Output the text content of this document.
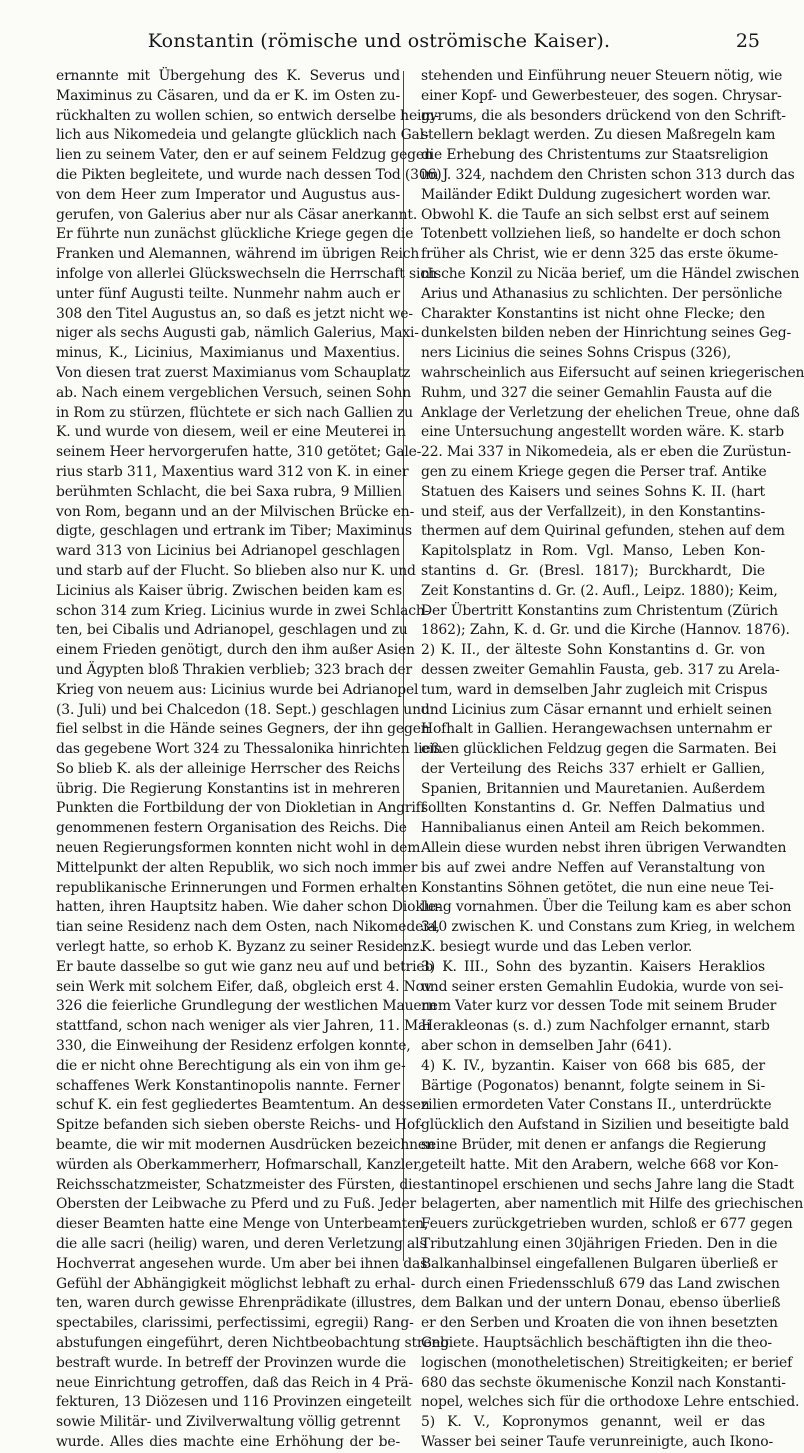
Konstantin (römische und oströmische Kaiser).	25
ernannte mit Übergehung des K. Severus und
Maximinus zu Cäsaren, und da er K. im Osten zu-
rückhalten zu wollen schien, so entwich derselbe heim-
lich aus Nikomedeia und gelangte glücklich nach Gal-
lien zu seinem Vater, den er auf seinem Feldzug gegen
die Pikten begleitete, und wurde nach dessen Tod (306)
von dem Heer zum Imperator und Augustus aus-
gerufen, von Galerius aber nur als Cäsar anerkannt.
Er führte nun zunächst glückliche Kriege gegen die
Franken und Alemannen, während im übrigen Reich
infolge von allerlei Glückswechseln die Herrschaft sich
unter fünf Augusti teilte. Nunmehr nahm auch er
308 den Titel Augustus an, so daß es jetzt nicht we-
niger als sechs Augusti gab, nämlich Galerius, Maxi-
minus, K., Licinius, Maximianus und Maxentius.
Von diesen trat zuerst Maximianus vom Schauplatz
ab. Nach einem vergeblichen Versuch, seinen Sohn
in Rom zu stürzen, flüchtete er sich nach Gallien zu
K. und wurde von diesem, weil er eine Meuterei in
seinem Heer hervorgerufen hatte, 310 getötet; Gale-
rius starb 311, Maxentius ward 312 von K. in einer
berühmten Schlacht, die bei Saxa rubra, 9 Millien
von Rom, begann und an der Milvischen Brücke en-
digte, geschlagen und ertrank im Tiber; Maximinus
ward 313 von Licinius bei Adrianopel geschlagen
und starb auf der Flucht. So blieben also nur K. und
Licinius als Kaiser übrig. Zwischen beiden kam es
schon 314 zum Krieg. Licinius wurde in zwei Schlach-
ten, bei Cibalis und Adrianopel, geschlagen und zu
einem Frieden genötigt, durch den ihm außer Asien
und Ägypten bloß Thrakien verblieb; 323 brach der
Krieg von neuem aus: Licinius wurde bei Adrianopel
(3. Juli) und bei Chalcedon (18. Sept.) geschlagen und
fiel selbst in die Hände seines Gegners, der ihn gegen
das gegebene Wort 324 zu Thessalonika hinrichten ließ.
So blieb K. als der alleinige Herrscher des Reichs
übrig. Die Regierung Konstantins ist in mehreren
Punkten die Fortbildung der von Diokletian in Angriff
genommenen festern Organisation des Reichs. Die
neuen Regierungsformen konnten nicht wohl in dem
Mittelpunkt der alten Republik, wo sich noch immer
republikanische Erinnerungen und Formen erhalten
hatten, ihren Hauptsitz haben. Wie daher schon Diokle-
tian seine Residenz nach dem Osten, nach Nikomedeia,
verlegt hatte, so erhob K. Byzanz zu seiner Residenz.
Er baute dasselbe so gut wie ganz neu auf und betrieb
sein Werk mit solchem Eifer, daß, obgleich erst 4. Nov.
326 die feierliche Grundlegung der westlichen Mauern
stattfand, schon nach weniger als vier Jahren, 11. Mai
330, die Einweihung der Residenz erfolgen konnte,
die er nicht ohne Berechtigung als ein von ihm ge-
schaffenes Werk Konstantinopolis nannte. Ferner
schuf K. ein fest gegliedertes Beamtentum. An dessen
Spitze befanden sich sieben oberste Reichs- und Hof-
beamte, die wir mit modernen Ausdrücken bezeichnen
würden als Oberkammerherr, Hofmarschall, Kanzler,
Reichsschatzmeister, Schatzmeister des Fürsten, die
Obersten der Leibwache zu Pferd und zu Fuß. Jeder
dieser Beamten hatte eine Menge von Unterbeamten,
die alle sacri (heilig) waren, und deren Verletzung als
Hochverrat angesehen wurde. Um aber bei ihnen das
Gefühl der Abhängigkeit möglichst lebhaft zu erhal-
ten, waren durch gewisse Ehrenprädikate (illustres,
spectabiles, clarissimi, perfectissimi, egregii) Rang-
abstufungen eingeführt, deren Nichtbeobachtung streng
bestraft wurde. In betreff der Provinzen wurde die
neue Einrichtung getroffen, daß das Reich in 4 Prä-
fekturen, 13 Diözesen und 116 Provinzen eingeteilt
sowie Militär- und Zivilverwaltung völlig getrennt
wurde. Alles dies machte eine Erhöhung der be-
stehenden und Einführung neuer Steuern nötig, wie
einer Kopf- und Gewerbesteuer, des sogen. Chrysar-
gyrums, die als besonders drückend von den Schrift-
stellern beklagt werden. Zu diesen Maßregeln kam
die Erhebung des Christentums zur Staatsreligion
im J. 324, nachdem den Christen schon 313 durch das
Mailänder Edikt Duldung zugesichert worden war.
Obwohl K. die Taufe an sich selbst erst auf seinem
Totenbett vollziehen ließ, so handelte er doch schon
früher als Christ, wie er denn 325 das erste ökume-
nische Konzil zu Nicäa berief, um die Händel zwischen
Arius und Athanasius zu schlichten. Der persönliche
Charakter Konstantins ist nicht ohne Flecke; den
dunkelsten bilden neben der Hinrichtung seines Geg-
ners Licinius die seines Sohns Crispus (326),
wahrscheinlich aus Eifersucht auf seinen kriegerischen
Ruhm, und 327 die seiner Gemahlin Fausta auf die
Anklage der Verletzung der ehelichen Treue, ohne daß
eine Untersuchung angestellt worden wäre. K. starb
22. Mai 337 in Nikomedeia, als er eben die Zurüstun-
gen zu einem Kriege gegen die Perser traf. Antike
Statuen des Kaisers und seines Sohns K. II. (hart
und steif, aus der Verfallzeit), in den Konstantins-
thermen auf dem Quirinal gefunden, stehen auf dem
Kapitolsplatz in Rom. Vgl. Manso, Leben Kon-
stantins d. Gr. (Bresl. 1817); Burckhardt, Die
Zeit Konstantins d. Gr. (2. Aufl., Leipz. 1880); Keim,
Der Übertritt Konstantins zum Christentum (Zürich
1862); Zahn, K. d. Gr. und die Kirche (Hannov. 1876).
2) K. II., der älteste Sohn Konstantins d. Gr. von
dessen zweiter Gemahlin Fausta, geb. 317 zu Arela-
tum, ward in demselben Jahr zugleich mit Crispus
und Licinius zum Cäsar ernannt und erhielt seinen
Hofhalt in Gallien. Herangewachsen unternahm er
einen glücklichen Feldzug gegen die Sarmaten. Bei
der Verteilung des Reichs 337 erhielt er Gallien,
Spanien, Britannien und Mauretanien. Außerdem
sollten Konstantins d. Gr. Neffen Dalmatius und
Hannibalianus einen Anteil am Reich bekommen.
Allein diese wurden nebst ihren übrigen Verwandten
bis auf zwei andre Neffen auf Veranstaltung von
Konstantins Söhnen getötet, die nun eine neue Tei-
lung vornahmen. Über die Teilung kam es aber schon
340 zwischen K. und Constans zum Krieg, in welchem
K. besiegt wurde und das Leben verlor.
3) K. III., Sohn des byzantin. Kaisers Heraklios
und seiner ersten Gemahlin Eudokia, wurde von sei-
nem Vater kurz vor dessen Tode mit seinem Bruder
Herakleonas (s. d.) zum Nachfolger ernannt, starb
aber schon in demselben Jahr (641).
4) K. IV., byzantin. Kaiser von 668 bis 685, der
Bärtige (Pogonatos) benannt, folgte seinem in Si-
zilien ermordeten Vater Constans II., unterdrückte
glücklich den Aufstand in Sizilien und beseitigte bald
seine Brüder, mit denen er anfangs die Regierung
geteilt hatte. Mit den Arabern, welche 668 vor Kon-
stantinopel erschienen und sechs Jahre lang die Stadt
belagerten, aber namentlich mit Hilfe des griechischen
Feuers zurückgetrieben wurden, schloß er 677 gegen
Tributzahlung einen 30jährigen Frieden. Den in die
Balkanhalbinsel eingefallenen Bulgaren überließ er
durch einen Friedensschluß 679 das Land zwischen
dem Balkan und der untern Donau, ebenso überließ
er den Serben und Kroaten die von ihnen besetzten
Gebiete. Hauptsächlich beschäftigten ihn die theo-
logischen (monotheletischen) Streitigkeiten; er berief
680 das sechste ökumenische Konzil nach Konstanti-
nopel, welches sich für die orthodoxe Lehre entschied.
5) K. V., Kopronymos genannt, weil er das
Wasser bei seiner Taufe verunreinigte, auch Ikono-
